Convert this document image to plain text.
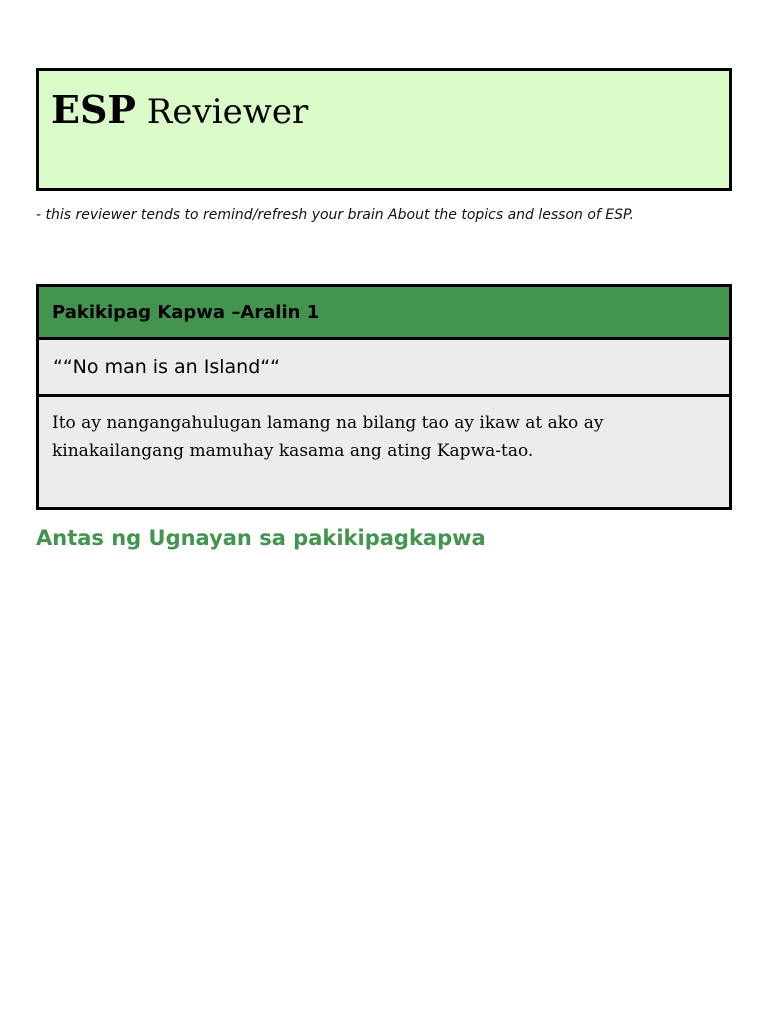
ESP Reviewer
- this reviewer tends to remind/refresh your brain About the topics and lesson of ESP.
Pakikipag Kapwa –Aralin 1
““No man is an Island““
Ito ay nangangahulugan lamang na bilang tao ay ikaw at ako ay kinakailangang mamuhay kasama ang ating Kapwa-tao.
Antas ng Ugnayan sa pakikipagkapwa
